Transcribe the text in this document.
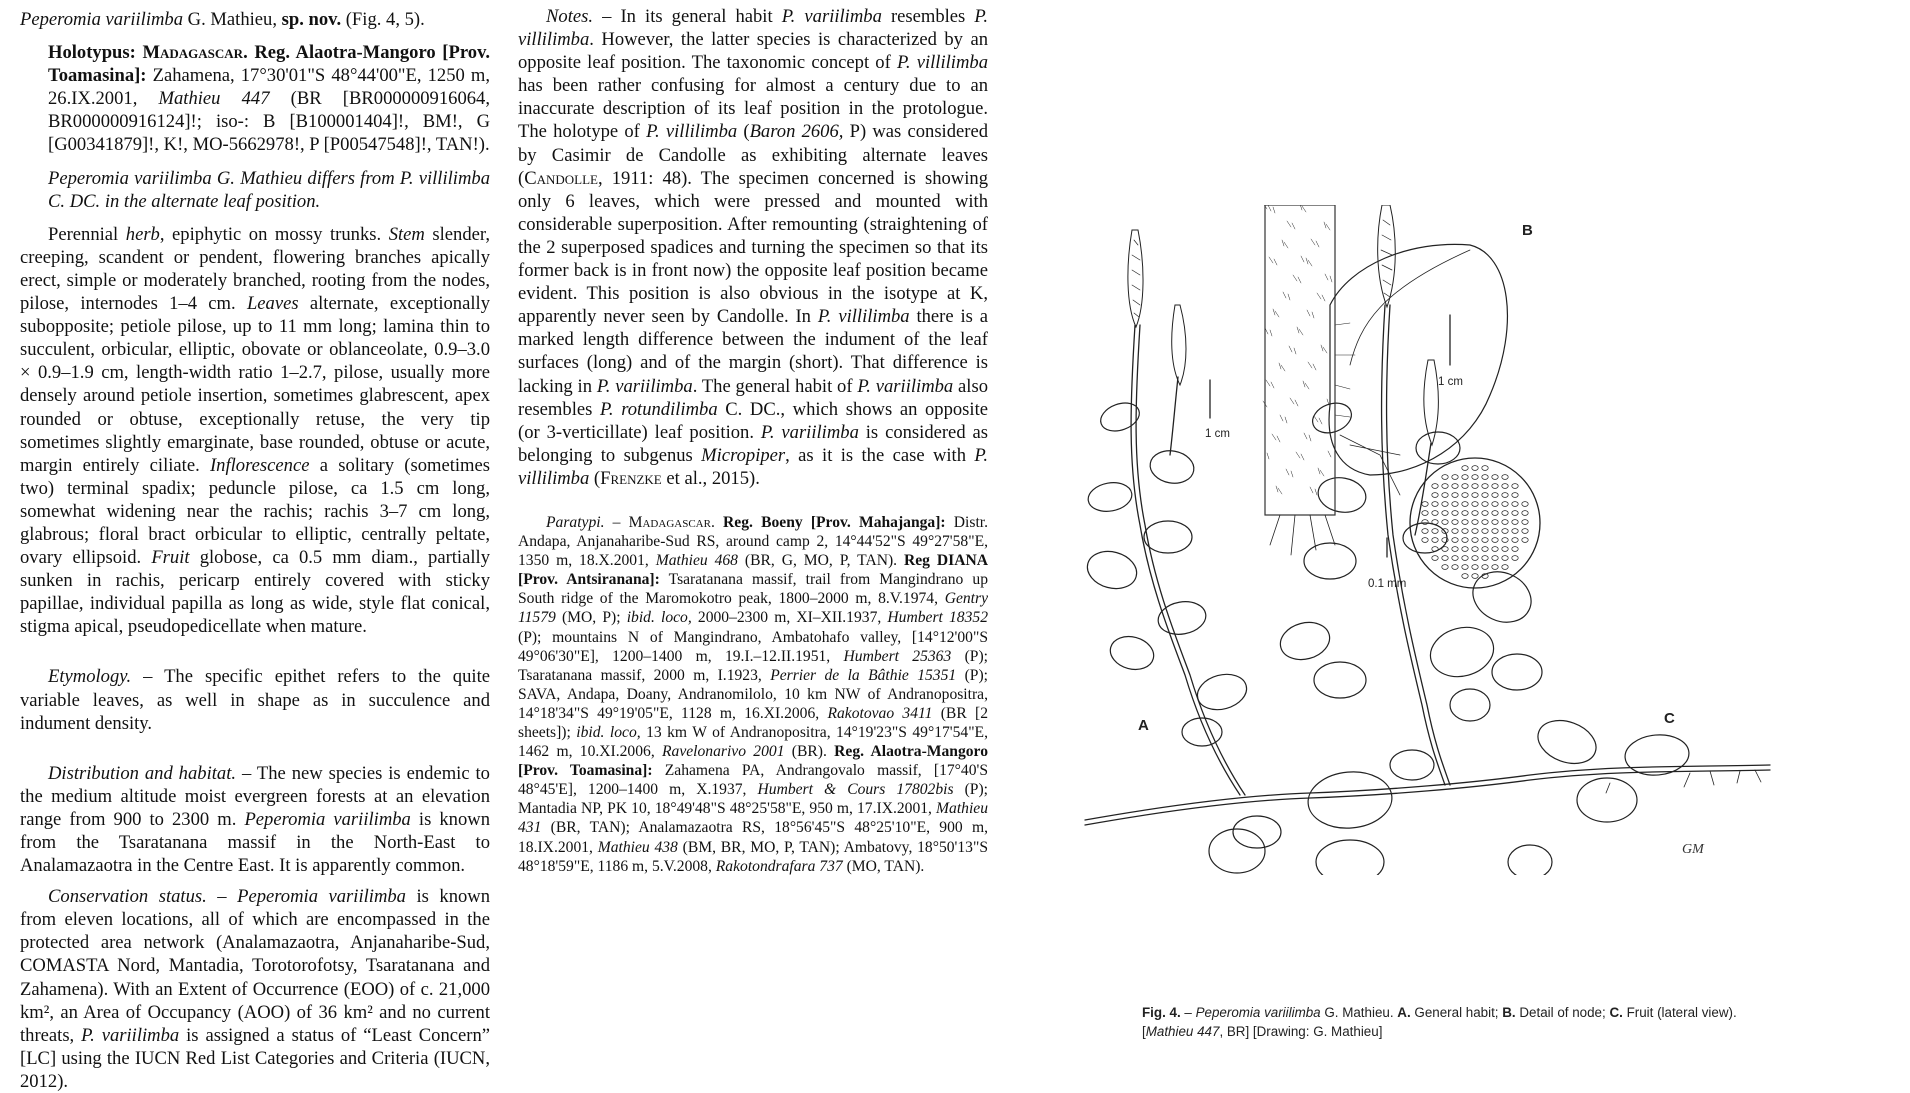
Peperomia variilimba G. Mathieu, sp. nov. (Fig. 4, 5).

Holotypus: Madagascar. Reg. Alaotra-Mangoro [Prov. Toamasina]: Zahamena, 17°30'01"S 48°44'00"E, 1250 m, 26.IX.2001, Mathieu 447 (BR [BR000000916064, BR000000916124]!; iso-: B [B100001404]!, BM!, G [G00341879]!, K!, MO-5662978!, P [P00547548]!, TAN!).

Peperomia variilimba G. Mathieu differs from P. villilimba C. DC. in the alternate leaf position.

Perennial herb, epiphytic on mossy trunks. Stem slender, creeping, scandent or pendent, flowering branches apically erect, simple or moderately branched, rooting from the nodes, pilose, internodes 1–4 cm. Leaves alternate, exceptionally subopposite; petiole pilose, up to 11 mm long; lamina thin to succulent, orbicular, elliptic, obovate or oblanceolate, 0.9–3.0 × 0.9–1.9 cm, length-width ratio 1–2.7, pilose, usually more densely around petiole insertion, sometimes glabrescent, apex rounded or obtuse, exceptionally retuse, the very tip sometimes slightly emarginate, base rounded, obtuse or acute, margin entirely ciliate. Inflorescence a solitary (sometimes two) terminal spadix; peduncle pilose, ca 1.5 cm long, somewhat widening near the rachis; rachis 3–7 cm long, glabrous; floral bract orbicular to elliptic, centrally peltate, ovary ellipsoid. Fruit globose, ca 0.5 mm diam., partially sunken in rachis, pericarp entirely covered with sticky papillae, individual papilla as long as wide, style flat conical, stigma apical, pseudopedicellate when mature.

Etymology. – The specific epithet refers to the quite variable leaves, as well in shape as in succulence and indument density.

Distribution and habitat. – The new species is endemic to the medium altitude moist evergreen forests at an elevation range from 900 to 2300 m. Peperomia variilimba is known from the Tsaratanana massif in the North-East to Analamazaotra in the Centre East. It is apparently common.

Conservation status. – Peperomia variilimba is known from eleven locations, all of which are encompassed in the protected area network (Analamazaotra, Anjanaharibe-Sud, COMASTA Nord, Mantadia, Torotorofotsy, Tsaratanana and Zahamena). With an Extent of Occurrence (EOO) of c. 21,000 km², an Area of Occupancy (AOO) of 36 km² and no current threats, P. variilimba is assigned a status of “Least Concern” [LC] using the IUCN Red List Categories and Criteria (IUCN, 2012).

Notes. – In its general habit P. variilimba resembles P. villilimba. However, the latter species is characterized by an opposite leaf position. The taxonomic concept of P. villilimba has been rather confusing for almost a century due to an inaccurate description of its leaf position in the protologue. The holotype of P. villilimba (Baron 2606, P) was considered by Casimir de Candolle as exhibiting alternate leaves (Candolle, 1911: 48). The specimen concerned is showing only 6 leaves, which were pressed and mounted with considerable superposition. After remounting (straightening of the 2 superposed spadices and turning the specimen so that its former back is in front now) the opposite leaf position became evident. This position is also obvious in the isotype at K, apparently never seen by Candolle. In P. villilimba there is a marked length difference between the indument of the leaf surfaces (long) and of the margin (short). That difference is lacking in P. variilimba. The general habit of P. variilimba also resembles P. rotundilimba C. DC., which shows an opposite (or 3-verticillate) leaf position. P. variilimba is considered as belonging to subgenus Micropiper, as it is the case with P. villilimba (Frenzke et al., 2015).

Paratypi. – Madagascar. Reg. Boeny [Prov. Mahajanga]: Distr. Andapa, Anjanaharibe-Sud RS, around camp 2, 14°44'52"S 49°27'58"E, 1350 m, 18.X.2001, Mathieu 468 (BR, G, MO, P, TAN). Reg DIANA [Prov. Antsiranana]: Tsaratanana massif, trail from Mangindrano up South ridge of the Maromokotro peak, 1800–2000 m, 8.V.1974, Gentry 11579 (MO, P); ibid. loco, 2000–2300 m, XI–XII.1937, Humbert 18352 (P); mountains N of Mangindrano, Ambatohafo valley, [14°12'00"S 49°06'30"E], 1200–1400 m, 19.I.–12.II.1951, Humbert 25363 (P); Tsaratanana massif, 2000 m, I.1923, Perrier de la Bâthie 15351 (P); SAVA, Andapa, Doany, Andranomilolo, 10 km NW of Andranopositra, 14°18'34"S 49°19'05"E, 1128 m, 16.XI.2006, Rakotovao 3411 (BR [2 sheets]); ibid. loco, 13 km W of Andranopositra, 14°19'23"S 49°17'54"E, 1462 m, 10.XI.2006, Ravelonarivo 2001 (BR). Reg. Alaotra-Mangoro [Prov. Toamasina]: Zahamena PA, Andrangovalo massif, [17°40'S 48°45'E], 1200–1400 m, X.1937, Humbert & Cours 17802bis (P); Mantadia NP, PK 10, 18°49'48"S 48°25'58"E, 950 m, 17.IX.2001, Mathieu 431 (BR, TAN); Analamazaotra RS, 18°56'45"S 48°25'10"E, 900 m, 18.IX.2001, Mathieu 438 (BM, BR, MO, P, TAN); Ambatovy, 18°50'13"S 48°18'59"E, 1186 m, 5.V.2008, Rakotondrafara 737 (MO, TAN).

1 cm
1 cm
0.1 mm
A
B
C
GM
Fig. 4. – Peperomia variilimba G. Mathieu. A. General habit; B. Detail of node; C. Fruit (lateral view).
[Mathieu 447, BR] [Drawing: G. Mathieu]
